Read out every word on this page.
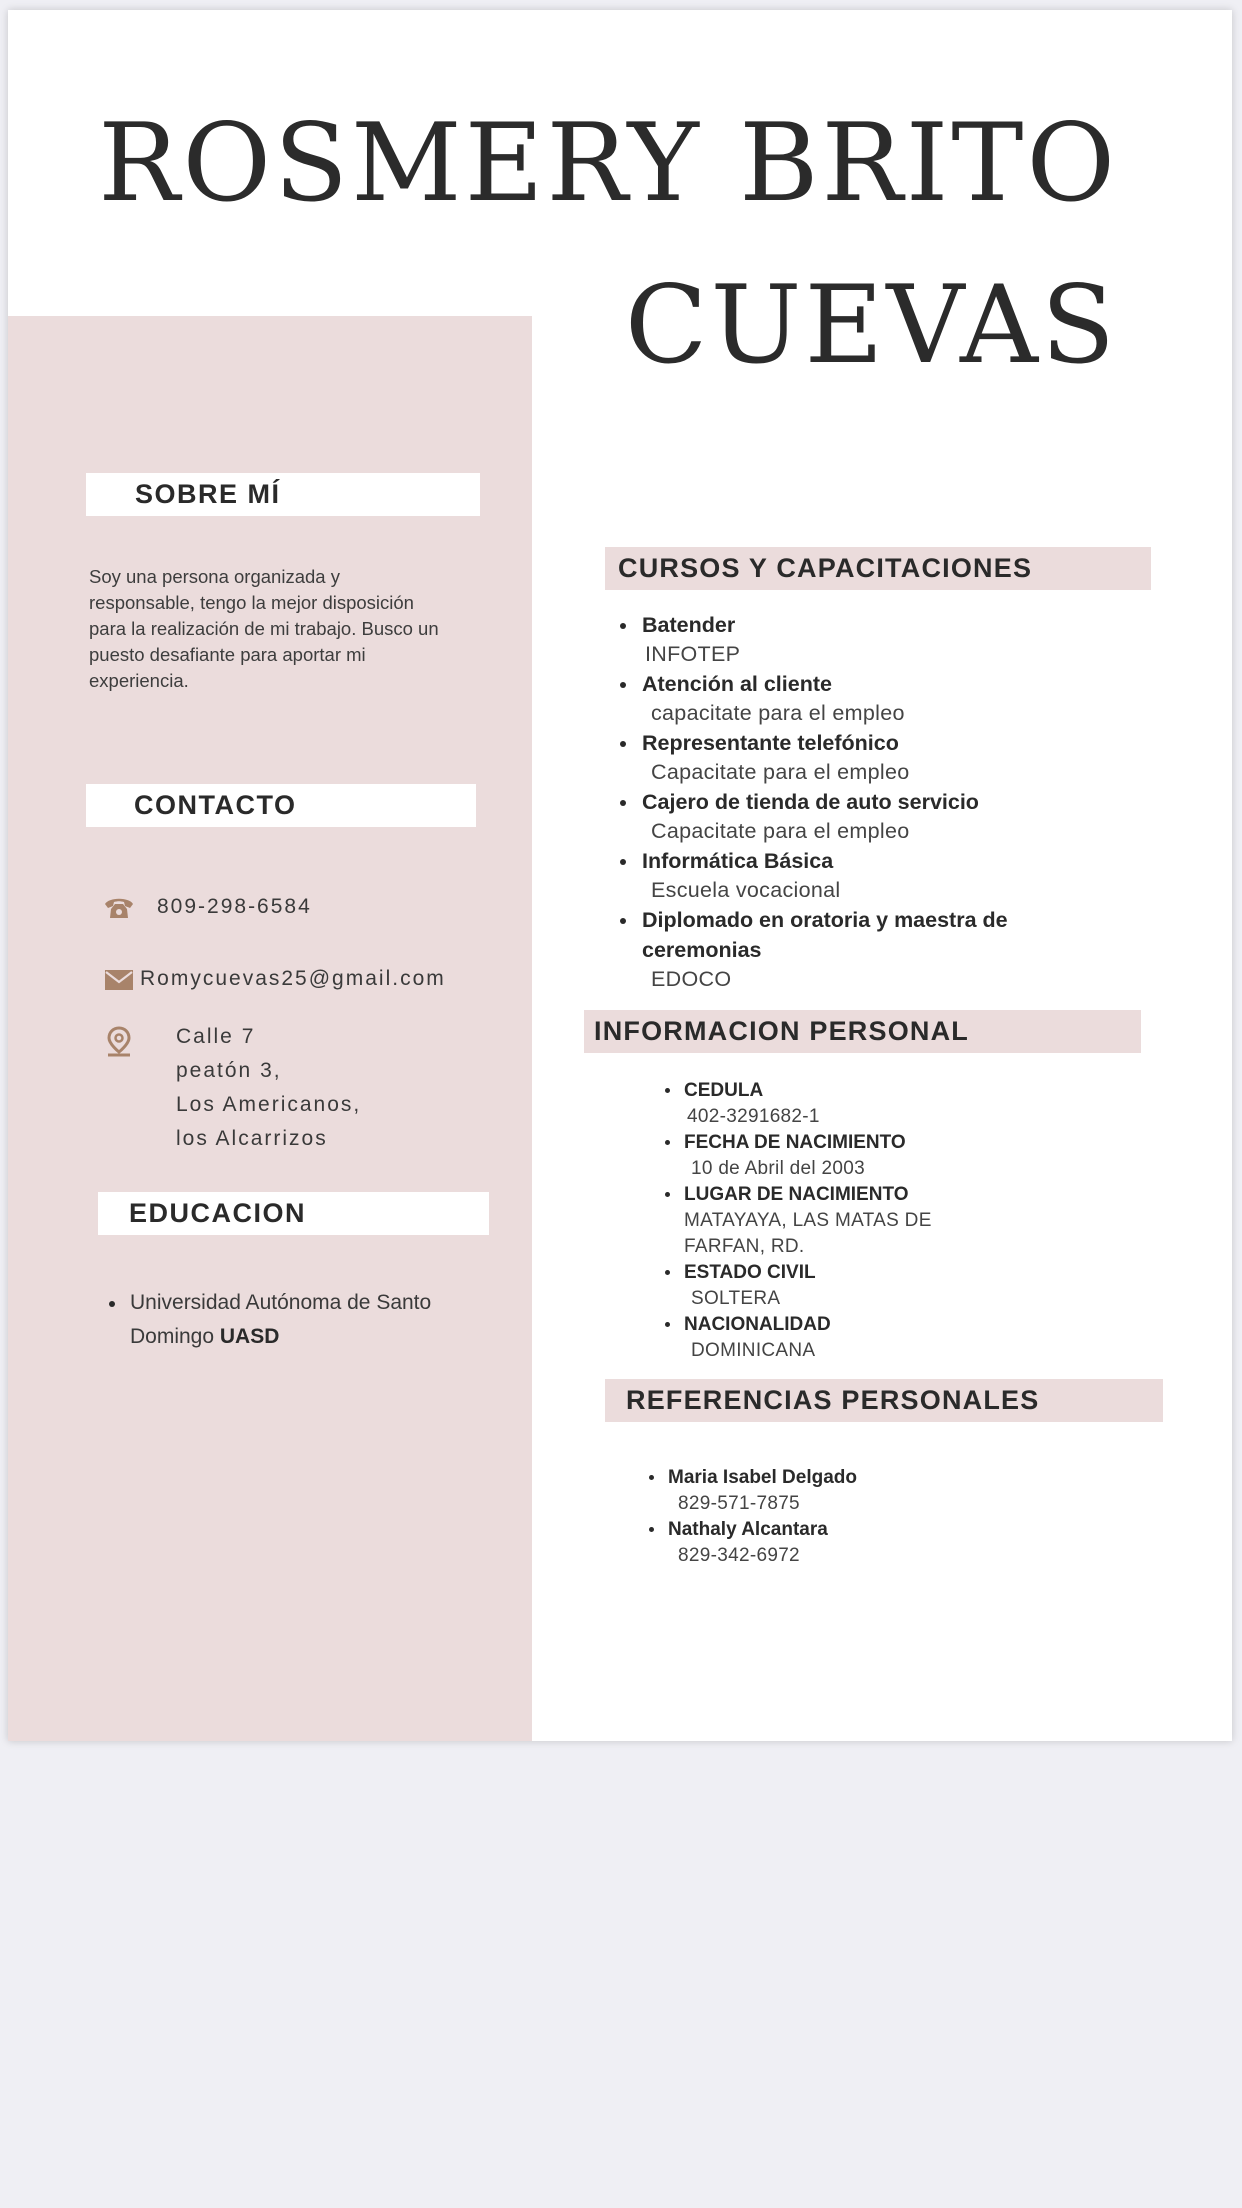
ROSMERY BRITO
CUEVAS
SOBRE MÍ
Soy una persona organizada y responsable, tengo la mejor disposición para la realización de mi trabajo. Busco un puesto desafiante para aportar mi experiencia.
CONTACTO
809-298-6584
Romycuevas25@gmail.com
Calle 7
peatón 3,
Los Americanos,
los Alcarrizos
EDUCACION
Universidad Autónoma de Santo Domingo UASD
CURSOS Y CAPACITACIONES
Batender
INFOTEP
Atención al cliente
capacitate para el empleo
Representante telefónico
Capacitate para el empleo
Cajero de tienda de auto servicio
Capacitate para el empleo
Informática Básica
Escuela vocacional
Diplomado en oratoria y maestra de ceremonias
EDOCO
INFORMACION PERSONAL
CEDULA
402-3291682-1
FECHA DE NACIMIENTO
10 de Abril del 2003
LUGAR DE NACIMIENTO
MATAYAYA, LAS MATAS DE FARFAN, RD.
ESTADO CIVIL
SOLTERA
NACIONALIDAD
DOMINICANA
REFERENCIAS PERSONALES
Maria Isabel Delgado
829-571-7875
Nathaly Alcantara
829-342-6972
